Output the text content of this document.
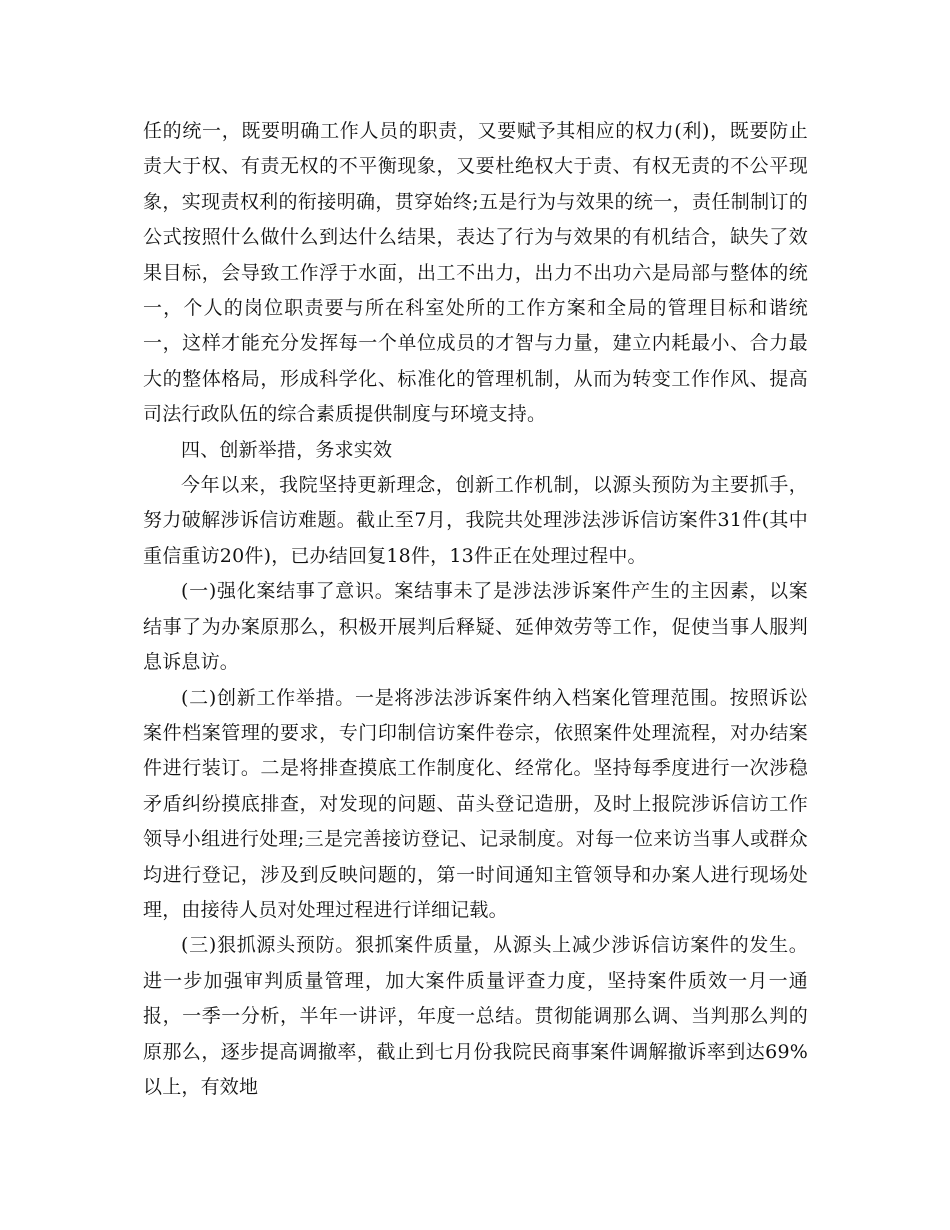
任的统一，既要明确工作人员的职责，又要赋予其相应的权力(利)，既要防止责大于权、有责无权的不平衡现象，又要杜绝权大于责、有权无责的不公平现象，实现责权利的衔接明确，贯穿始终;五是行为与效果的统一，责任制制订的公式按照什么做什么到达什么结果，表达了行为与效果的有机结合，缺失了效果目标，会导致工作浮于水面，出工不出力，出力不出功六是局部与整体的统一，个人的岗位职责要与所在科室处所的工作方案和全局的管理目标和谐统一，这样才能充分发挥每一个单位成员的才智与力量，建立内耗最小、合力最大的整体格局，形成科学化、标准化的管理机制，从而为转变工作作风、提高司法行政队伍的综合素质提供制度与环境支持。

四、创新举措，务求实效

今年以来，我院坚持更新理念，创新工作机制，以源头预防为主要抓手，努力破解涉诉信访难题。截止至7月，我院共处理涉法涉诉信访案件31件(其中重信重访20件)，已办结回复18件，13件正在处理过程中。

(一)强化案结事了意识。案结事未了是涉法涉诉案件产生的主因素，以案结事了为办案原那么，积极开展判后释疑、延伸效劳等工作，促使当事人服判息诉息访。

(二)创新工作举措。一是将涉法涉诉案件纳入档案化管理范围。按照诉讼案件档案管理的要求，专门印制信访案件卷宗，依照案件处理流程，对办结案件进行装订。二是将排查摸底工作制度化、经常化。坚持每季度进行一次涉稳矛盾纠纷摸底排查，对发现的问题、苗头登记造册，及时上报院涉诉信访工作领导小组进行处理;三是完善接访登记、记录制度。对每一位来访当事人或群众均进行登记，涉及到反映问题的，第一时间通知主管领导和办案人进行现场处理，由接待人员对处理过程进行详细记载。

(三)狠抓源头预防。狠抓案件质量，从源头上减少涉诉信访案件的发生。进一步加强审判质量管理，加大案件质量评查力度，坚持案件质效一月一通报，一季一分析，半年一讲评，年度一总结。贯彻能调那么调、当判那么判的原那么，逐步提高调撤率，截止到七月份我院民商事案件调解撤诉率到达69%以上，有效地
